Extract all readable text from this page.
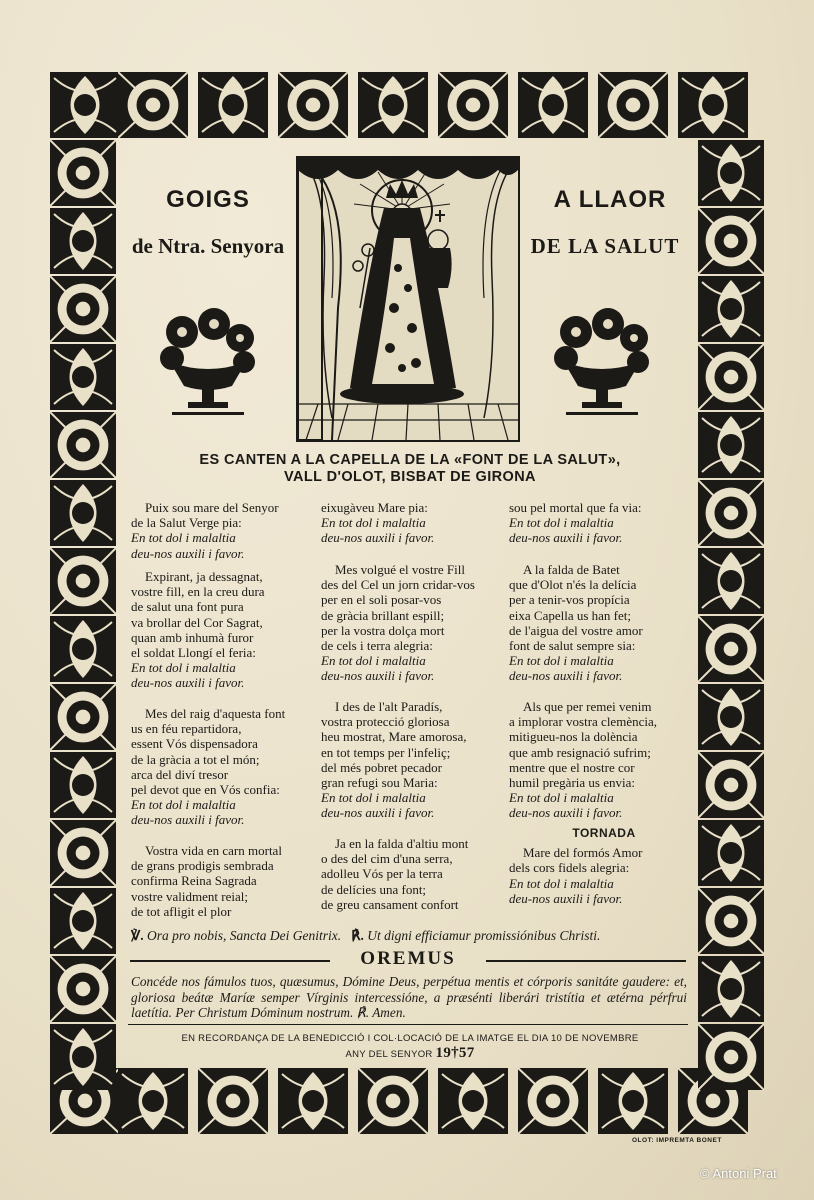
GOIGS
de Ntra. Senyora
A LLAOR
DE LA SALUT
ES CANTEN A LA CAPELLA DE LA «FONT DE LA SALUT»,
VALL D'OLOT, BISBAT DE GIRONA
Puix sou mare del Senyor
de la Salut Verge pia:
En tot dol i malaltia
deu-nos auxili i favor.
Expirant, ja dessagnat,
vostre fill, en la creu dura
de salut una font pura
va brollar del Cor Sagrat,
quan amb inhumà furor
el soldat Llongí el feria:
En tot dol i malaltia
deu-nos auxili i favor.
Mes del raig d'aquesta font
us en féu repartidora,
essent Vós dispensadora
de la gràcia a tot el món;
arca del diví tresor
pel devot que en Vós confia:
En tot dol i malaltia
deu-nos auxili i favor.
Vostra vida en carn mortal
de grans prodigis sembrada
confirma Reina Sagrada
vostre validment reial;
de tot afligit el plor
eixugàveu Mare pia:
En tot dol i malaltia
deu-nos auxili i favor.
Mes volgué el vostre Fill
des del Cel un jorn cridar-vos
per en el soli posar-vos
de gràcia brillant espill;
per la vostra dolça mort
de cels i terra alegria:
En tot dol i malaltia
deu-nos auxili i favor.
I des de l'alt Paradís,
vostra protecció gloriosa
heu mostrat, Mare amorosa,
en tot temps per l'infeliç;
del més pobret pecador
gran refugi sou Maria:
En tot dol i malaltia
deu-nos auxili i favor.
Ja en la falda d'altiu mont
o des del cim d'una serra,
adolleu Vós per la terra
de delícies una font;
de greu cansament confort
sou pel mortal que fa via:
En tot dol i malaltia
deu-nos auxili i favor.
A la falda de Batet
que d'Olot n'és la delícia
per a tenir-vos propícia
eixa Capella us han fet;
de l'aigua del vostre amor
font de salut sempre sia:
En tot dol i malaltia
deu-nos auxili i favor.
Als que per remei venim
a implorar vostra clemència,
mitigueu-nos la dolència
que amb resignació sufrim;
mentre que el nostre cor
humil pregària us envia:
En tot dol i malaltia
deu-nos auxili i favor.
TORNADA
Mare del formós Amor
dels cors fidels alegria:
En tot dol i malaltia
deu-nos auxili i favor.
℣. Ora pro nobis, Sancta Dei Genitrix. ℟. Ut digni efficiamur promissiónibus Christi.
OREMUS
Concéde nos fámulos tuos, quæsumus, Dómine Deus, perpétua mentis et córporis sanitáte gaudere: et, gloriosa beátæ Maríæ semper Vírginis intercessióne, a præsénti liberári tristítia et ætérna pérfrui laetítia. Per Christum Dóminum nostrum. ℟. Amen.
EN RECORDANÇA DE LA BENEDICCIÓ I COL·LOCACIÓ DE LA IMATGE EL DIA 10 DE NOVEMBRE
ANY DEL SENYOR 19†57
OLOT: IMPREMTA BONET
© Antoni Prat
